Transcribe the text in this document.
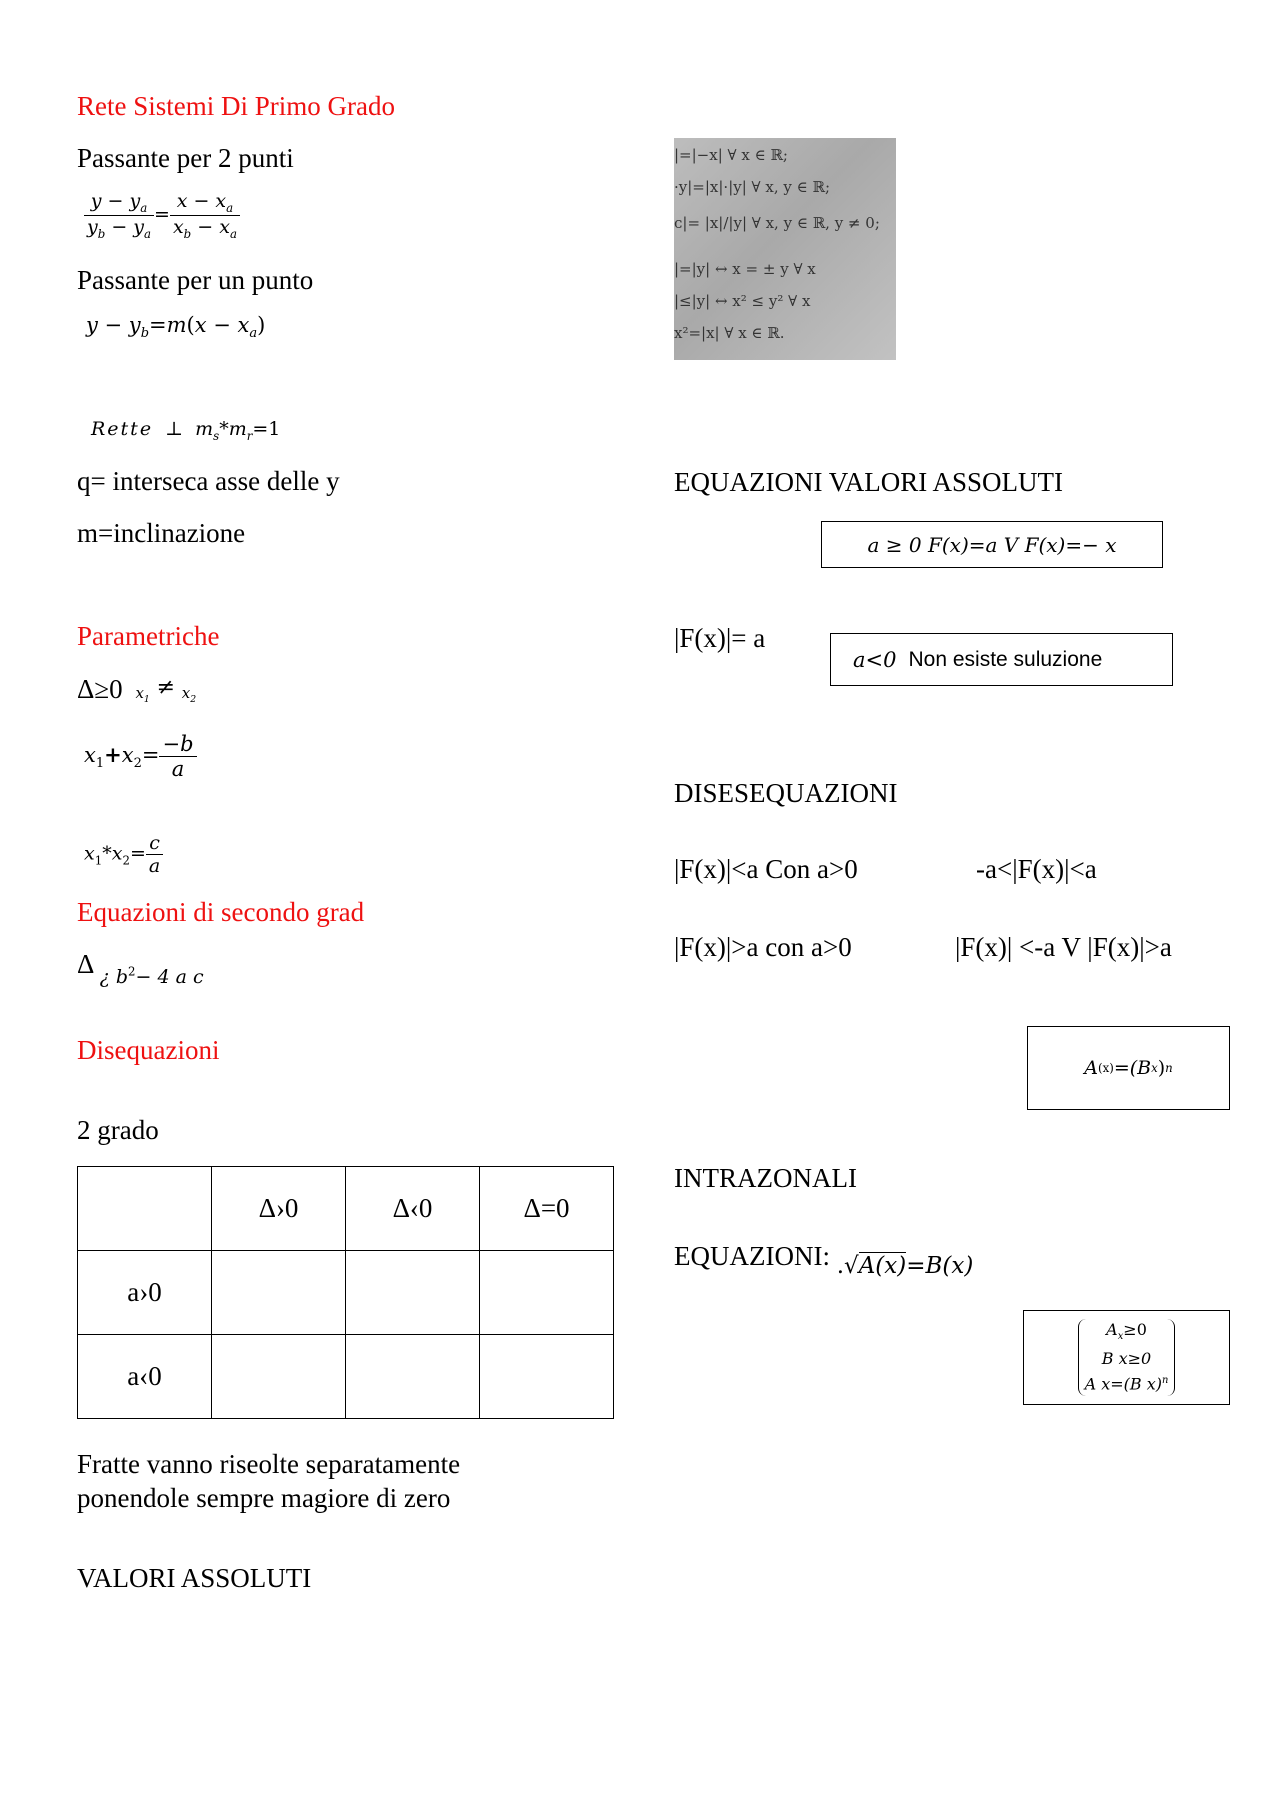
Rete Sistemi Di Primo Grado
Passante per 2 punti
$\frac{y - y_a}{y_b - y_a} = \frac{x - x_a}{x_b - x_a}$
Passante per un punto
$y - y_b=m(x - x_a)$
Rette ⊥ $m_s*m_r=1$
q= interseca asse delle y
m=inclinazione
Parametriche
Δ≥0 $x_1 \ne x_2$
$x_1+x_2= \frac{-b}{a}$
$x_1*x_2= \frac{c}{a}$
Equazioni di secondo grad
Δ $_{¿ b^2- 4 a c}$
Disequazioni
2 grado
	Δ›0	Δ‹0	Δ=0
a›0			
a‹0			
Fratte vanno riseolte separatamente
ponendole sempre magiore di zero
VALORI ASSOLUTI
|=|−x| ∀ x ∈ ℝ;
·y|=|x|·|y| ∀ x, y ∈ ℝ;
ᴄ|= |x|/|y| ∀ x, y ∈ ℝ, y ≠ 0;
|=|y| ↔ x = ± y ∀ x
|≤|y| ↔ x² ≤ y² ∀ x
x²=|x| ∀ x ∈ ℝ.
EQUAZIONI VALORI ASSOLUTI
a ≥ 0 F(x)=a V F(x)=− x
|F(x)|= a
a<0 Non esiste suluzione
DISESEQUAZIONI
|F(x)|<a Con a>0	-a<|F(x)|<a
|F(x)|>a con a>0	|F(x)| <-a V |F(x)|>a
A (x) =(B x ) n
INTRAZONALI
EQUAZIONI: .√A(x)=B(x)
$A_x\ge 0$
B x≥0
A x=(B x)$^n$
